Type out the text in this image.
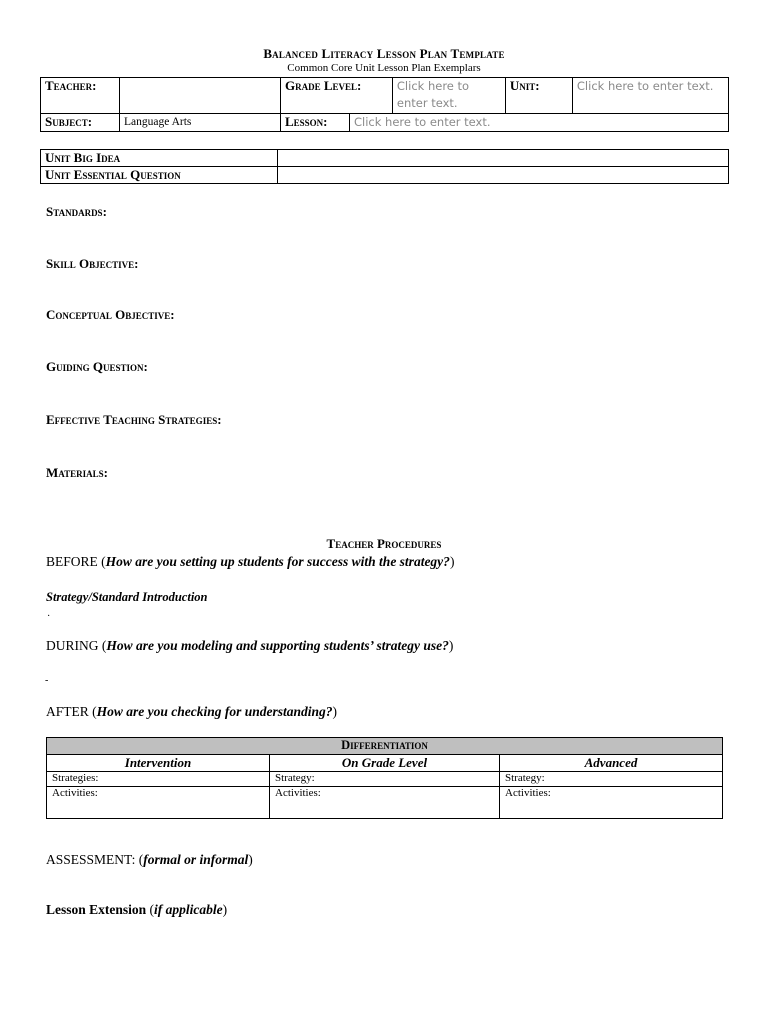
Balanced Literacy Lesson Plan Template
Common Core Unit Lesson Plan Exemplars
Teacher:		Grade Level:		Click here to enter text.	Unit:	Click here to enter text.
Subject:	Language Arts	Lesson:	Click here to enter text.			
Unit Big Idea	
Unit Essential Question	
Standards:
Skill Objective:
Conceptual Objective:
Guiding Question:
Effective Teaching Strategies:
Materials:
Teacher Procedures
BEFORE (How are you setting up students for success with the strategy?)
Strategy/Standard Introduction
·
DURING (How are you modeling and supporting students’ strategy use?)
-
AFTER (How are you checking for understanding?)
Differentiation		
Intervention	On Grade Level	Advanced
Strategies:	Strategy:	Strategy:
Activities:	Activities:	Activities:
ASSESSMENT: (formal or informal)
Lesson Extension (if applicable)
